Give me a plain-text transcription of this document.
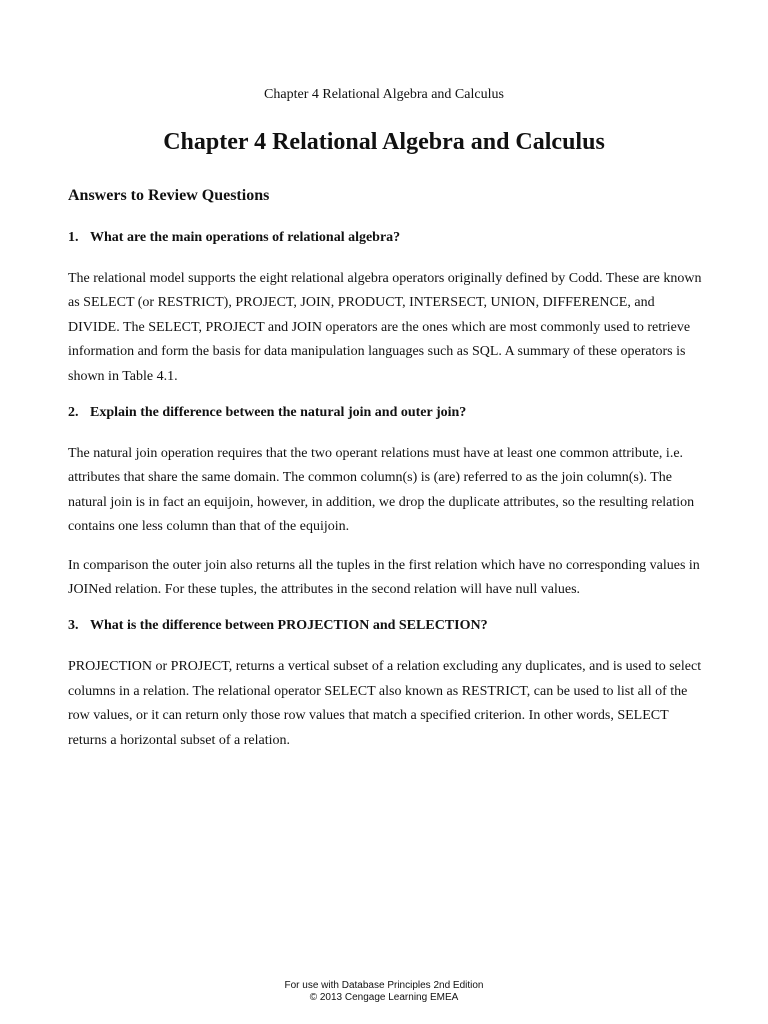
Chapter 4 Relational Algebra and Calculus
Chapter 4 Relational Algebra and Calculus
Answers to Review Questions
1. What are the main operations of relational algebra?

The relational model supports the eight relational algebra operators originally defined by Codd. These are known as SELECT (or RESTRICT), PROJECT, JOIN, PRODUCT, INTERSECT, UNION, DIFFERENCE, and DIVIDE. The SELECT, PROJECT and JOIN operators are the ones which are most commonly used to retrieve information and form the basis for data manipulation languages such as SQL. A summary of these operators is shown in Table 4.1.

2. Explain the difference between the natural join and outer join?

The natural join operation requires that the two operant relations must have at least one common attribute, i.e. attributes that share the same domain. The common column(s) is (are) referred to as the join column(s). The natural join is in fact an equijoin, however, in addition, we drop the duplicate attributes, so the resulting relation contains one less column than that of the equijoin.

In comparison the outer join also returns all the tuples in the first relation which have no corresponding values in JOINed relation. For these tuples, the attributes in the second relation will have null values.

3. What is the difference between PROJECTION and SELECTION?

PROJECTION or PROJECT, returns a vertical subset of a relation excluding any duplicates, and is used to select columns in a relation. The relational operator SELECT also known as RESTRICT, can be used to list all of the row values, or it can return only those row values that match a specified criterion. In other words, SELECT returns a horizontal subset of a relation.

For use with Database Principles 2nd Edition
© 2013 Cengage Learning EMEA
